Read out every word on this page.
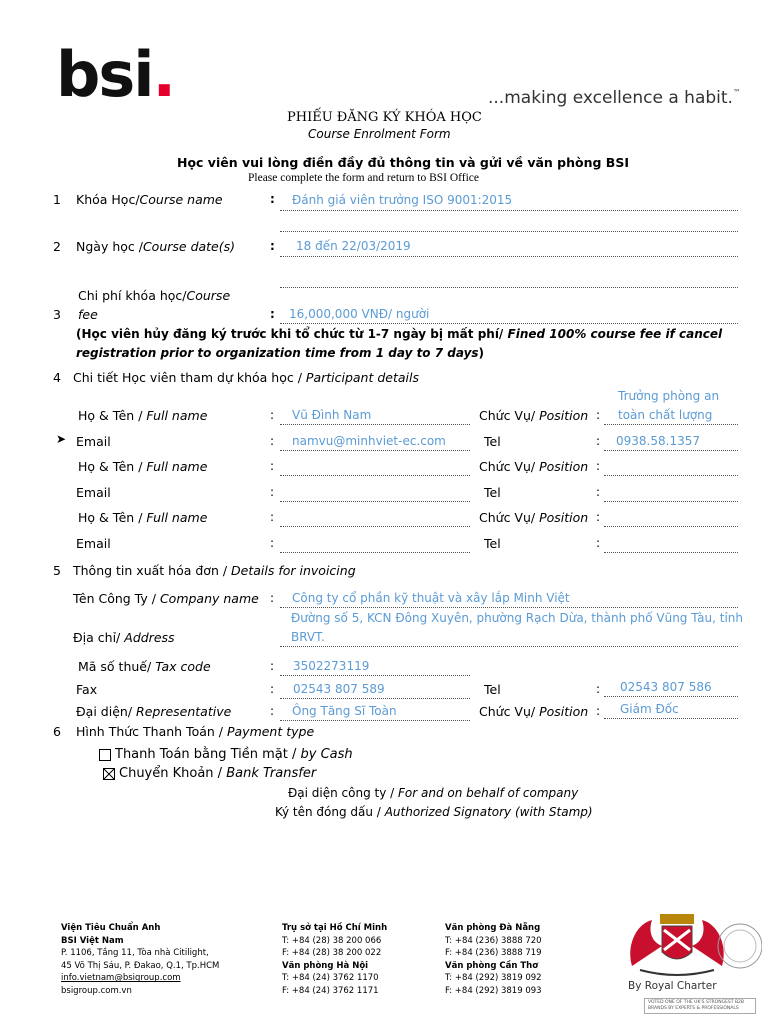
bsi.	...making excellence a habit.™
PHIẾU ĐĂNG KÝ KHÓA HỌC
Course Enrolment Form
Học viên vui lòng điền đầy đủ thông tin và gửi về văn phòng BSI
Please complete the form and return to BSI Office
1 Khóa Học/Course name	: Đánh giá viên trưởng ISO 9001:2015
2 Ngày học /Course date(s)	: 18 đến 22/03/2019
Chi phí khóa học/Course
3 fee	: 16,000,000 VNĐ/ người
(Học viên hủy đăng ký trước khi tổ chức từ 1-7 ngày bị mất phí/ Fined 100% course fee if cancel
registration prior to organization time from 1 day to 7 days)
4 Chi tiết Học viên tham dự khóa học / Participant details
Trưởng phòng an
Họ & Tên / Full name	: Vũ Đình Nam	Chức Vụ/ Position : toàn chất lượng
➤ Email	: namvu@minhviet-ec.com	Tel	: 0938.58.1357
Họ & Tên / Full name	:	Chức Vụ/ Position :
Email	:	Tel	:
Họ & Tên / Full name	:	Chức Vụ/ Position :
Email	:	Tel	:
5 Thông tin xuất hóa đơn / Details for invoicing
Tên Công Ty / Company name : Công ty cổ phần kỹ thuật và xây lắp Minh Việt
Đường số 5, KCN Đông Xuyên, phường Rạch Dừa, thành phố Vũng Tàu, tỉnh
Địa chỉ/ Address	BRVT.
Mã số thuế/ Tax code	: 3502273119
Fax	: 02543 807 589	Tel	: 02543 807 586
Đại diện/ Representative	: Ông Tăng Sĩ Toàn	Chức Vụ/ Position : Giám Đốc
6 Hình Thức Thanh Toán / Payment type
Thanh Toán bằng Tiền mặt / by Cash
Chuyển Khoản / Bank Transfer
Đại diện công ty / For and on behalf of company
Ký tên đóng dấu / Authorized Signatory (with Stamp)
Viện Tiêu Chuẩn Anh
BSI Việt Nam
P. 1106, Tầng 11, Tòa nhà Citilight,
45 Võ Thị Sáu, P. Đakao, Q.1, Tp.HCM
info.vietnam@bsigroup.com
bsigroup.com.vn
Trụ sở tại Hồ Chí Minh
T: +84 (28) 38 200 066
F: +84 (28) 38 200 022
Văn phòng Hà Nội
T: +84 (24) 3762 1170
F: +84 (24) 3762 1171
Văn phòng Đà Nẵng
T: +84 (236) 3888 720
F: +84 (236) 3888 719
Văn phòng Cần Thơ
T: +84 (292) 3819 092
F: +84 (292) 3819 093	By Royal Charter
VOTED ONE OF THE UK'S STRONGEST B2B
BRANDS BY EXPERTS & PROFESSIONALS
